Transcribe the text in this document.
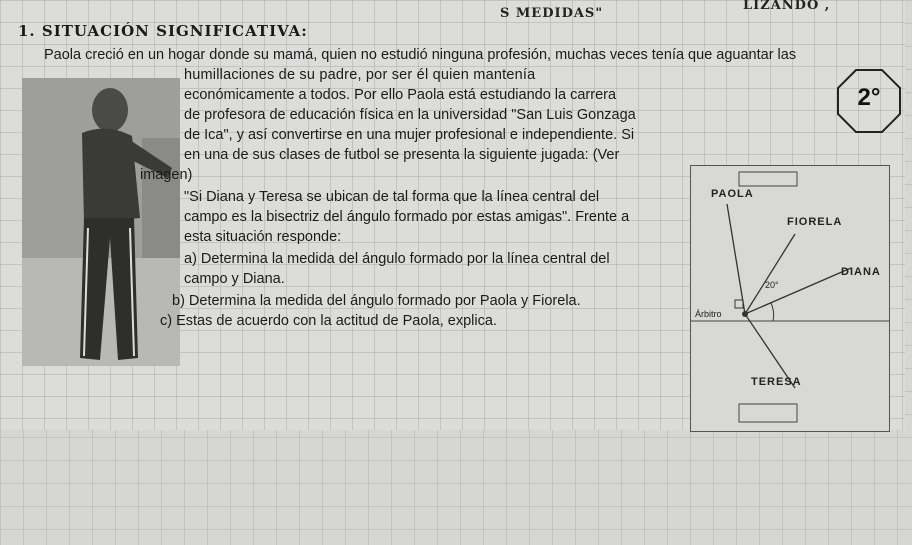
S MEDIDAS"
LIZANDO ,
1. SITUACIÓN SIGNIFICATIVA:
2°
Paola creció en un hogar donde su mamá, quien no estudió ninguna profesión, muchas veces tenía que aguantar las
humillaciones de su padre, por ser él quien mantenía
económicamente a todos. Por ello Paola está estudiando la carrera
de profesora de educación física en la universidad "San Luis Gonzaga
de Ica", y así convertirse en una mujer profesional e independiente. Si
en una de sus clases de futbol se presenta la siguiente jugada: (Ver
imagen)
"Si Diana y Teresa se ubican de tal forma que la línea central del
campo es la bisectriz del ángulo formado por estas amigas". Frente a
esta situación responde:
a) Determina la medida del ángulo formado por la línea central del
campo y Diana.
b) Determina la medida del ángulo formado por Paola y Fiorela.
c) Estas de acuerdo con la actitud de Paola, explica.
PAOLA
FIORELA
DIANA
20°
Árbitro
TERESA
